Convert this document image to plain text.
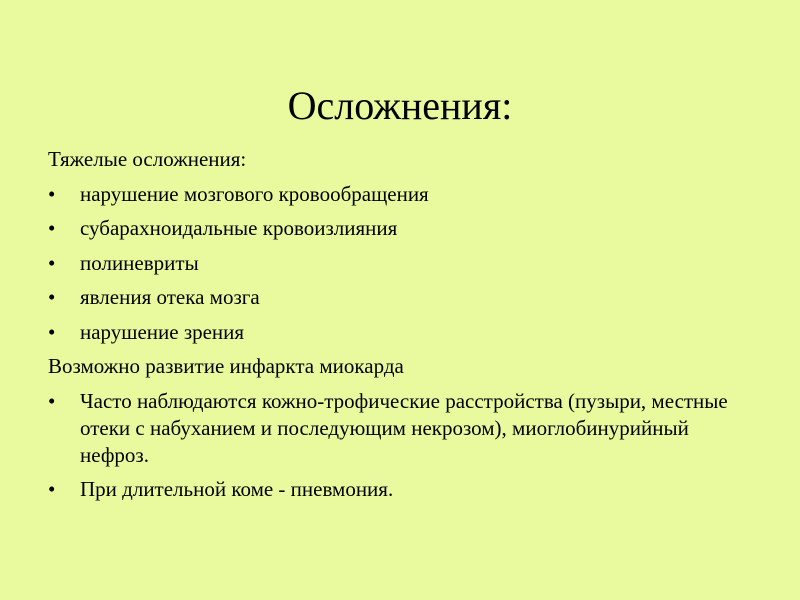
Осложнения:
Тяжелые осложнения:
•	нарушение мозгового кровообращения
•	субарахноидальные кровоизлияния
•	полиневриты
•	явления отека мозга
•	нарушение зрения
Возможно развитие инфаркта миокарда
•	Часто наблюдаются кожно-трофические расстройства (пузыри, местные отеки с набуханием и последующим некрозом), миоглобинурийный нефроз.
•	При длительной коме - пневмония.
